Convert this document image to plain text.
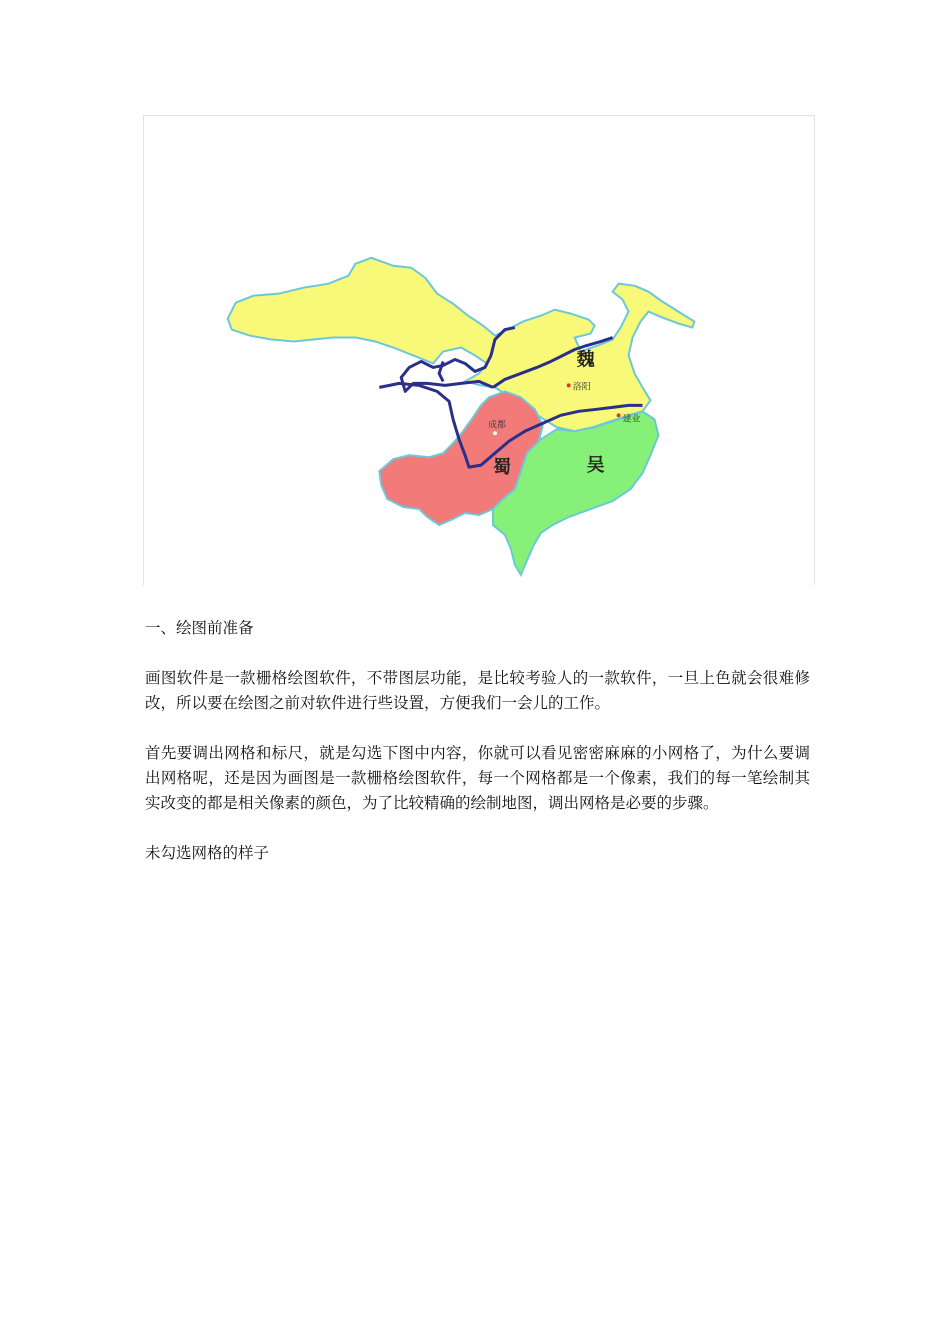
魏
蜀	吴
洛阳
成都
建业

一、绘图前准备

画图软件是一款栅格绘图软件，不带图层功能，是比较考验人的一款软件，一旦上色就会很难修改，所以要在绘图之前对软件进行些设置，方便我们一会儿的工作。

首先要调出网格和标尺，就是勾选下图中内容，你就可以看见密密麻麻的小网格了，为什么要调出网格呢，还是因为画图是一款栅格绘图软件，每一个网格都是一个像素，我们的每一笔绘制其实改变的都是相关像素的颜色，为了比较精确的绘制地图，调出网格是必要的步骤。

未勾选网格的样子
